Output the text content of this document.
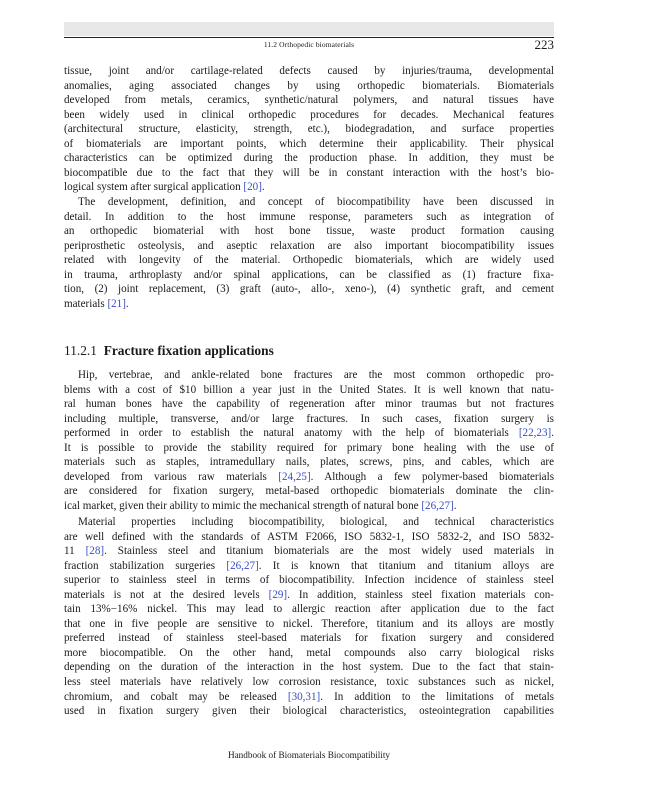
11.2 Orthopedic biomaterials	223

tissue, joint and/or cartilage-related defects caused by injuries/trauma, developmental
anomalies, aging associated changes by using orthopedic biomaterials. Biomaterials
developed from metals, ceramics, synthetic/natural polymers, and natural tissues have
been widely used in clinical orthopedic procedures for decades. Mechanical features
(architectural structure, elasticity, strength, etc.), biodegradation, and surface properties
of biomaterials are important points, which determine their applicability. Their physical
characteristics can be optimized during the production phase. In addition, they must be
biocompatible due to the fact that they will be in constant interaction with the host’s bio-
logical system after surgical application [20].

The development, definition, and concept of biocompatibility have been discussed in
detail. In addition to the host immune response, parameters such as integration of
an orthopedic biomaterial with host bone tissue, waste product formation causing
periprosthetic osteolysis, and aseptic relaxation are also important biocompatibility issues
related with longevity of the material. Orthopedic biomaterials, which are widely used
in trauma, arthroplasty and/or spinal applications, can be classified as (1) fracture fixa-
tion, (2) joint replacement, (3) graft (auto-, allo-, xeno-), (4) synthetic graft, and cement
materials [21].

11.2.1 Fracture fixation applications

Hip, vertebrae, and ankle-related bone fractures are the most common orthopedic pro-
blems with a cost of $10 billion a year just in the United States. It is well known that natu-
ral human bones have the capability of regeneration after minor traumas but not fractures
including multiple, transverse, and/or large fractures. In such cases, fixation surgery is
performed in order to establish the natural anatomy with the help of biomaterials [22,23].
It is possible to provide the stability required for primary bone healing with the use of
materials such as staples, intramedullary nails, plates, screws, pins, and cables, which are
developed from various raw materials [24,25]. Although a few polymer-based biomaterials
are considered for fixation surgery, metal-based orthopedic biomaterials dominate the clin-
ical market, given their ability to mimic the mechanical strength of natural bone [26,27].

Material properties including biocompatibility, biological, and technical characteristics
are well defined with the standards of ASTM F2066, ISO 5832-1, ISO 5832-2, and ISO 5832-
11 [28]. Stainless steel and titanium biomaterials are the most widely used materials in
fraction stabilization surgeries [26,27]. It is known that titanium and titanium alloys are
superior to stainless steel in terms of biocompatibility. Infection incidence of stainless steel
materials is not at the desired levels [29]. In addition, stainless steel fixation materials con-
tain 13%−16% nickel. This may lead to allergic reaction after application due to the fact
that one in five people are sensitive to nickel. Therefore, titanium and its alloys are mostly
preferred instead of stainless steel-based materials for fixation surgery and considered
more biocompatible. On the other hand, metal compounds also carry biological risks
depending on the duration of the interaction in the host system. Due to the fact that stain-
less steel materials have relatively low corrosion resistance, toxic substances such as nickel,
chromium, and cobalt may be released [30,31]. In addition to the limitations of metals
used in fixation surgery given their biological characteristics, osteointegration capabilities

Handbook of Biomaterials Biocompatibility
